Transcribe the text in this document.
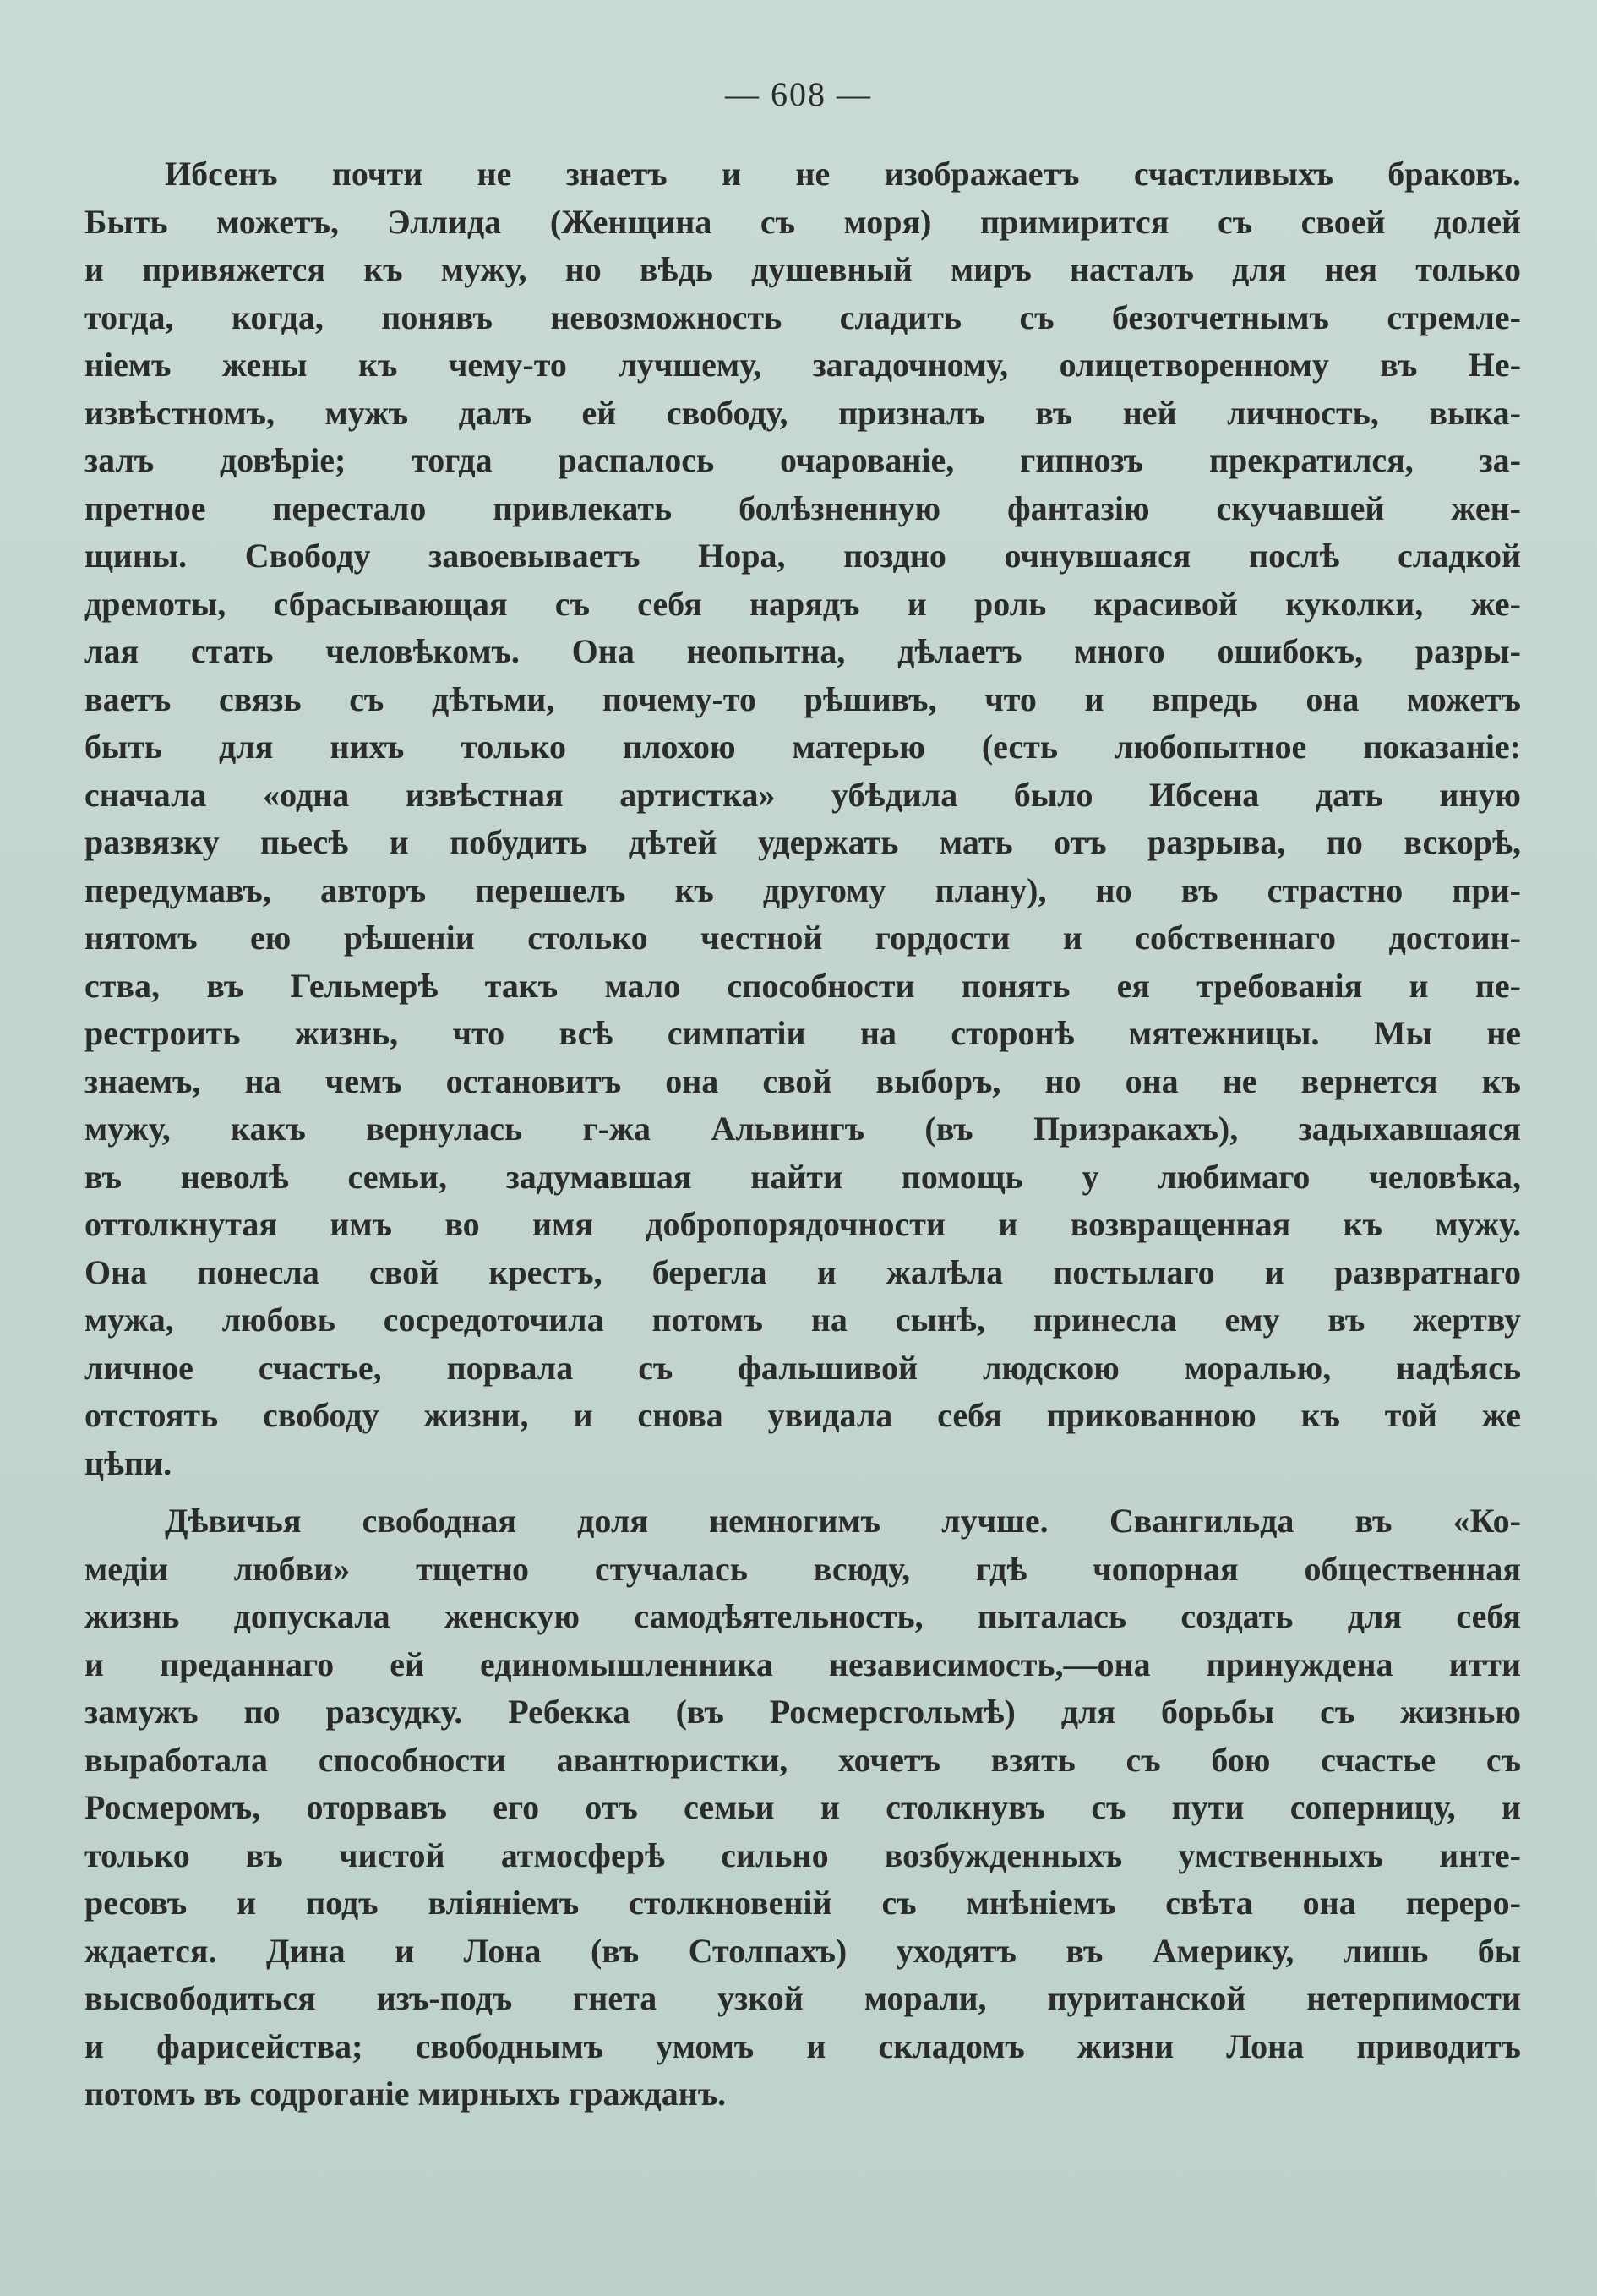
— 608 —
Ибсенъ почти не знаетъ и не изображаетъ счастливыхъ браковъ.
Быть можетъ, Эллида (Женщина съ моря) примирится съ своей долей
и привяжется къ мужу, но вѣдь душевный миръ насталъ для нея только
тогда, когда, понявъ невозможность сладить съ безотчетнымъ стремле-
ніемъ жены къ чему-то лучшему, загадочному, олицетворенному въ Не-
извѣстномъ, мужъ далъ ей свободу, призналъ въ ней личность, выка-
залъ довѣріе; тогда распалось очарованіе, гипнозъ прекратился, за-
претное перестало привлекать болѣзненную фантазію скучавшей жен-
щины. Свободу завоевываетъ Нора, поздно очнувшаяся послѣ сладкой
дремоты, сбрасывающая съ себя нарядъ и роль красивой куколки, же-
лая стать человѣкомъ. Она неопытна, дѣлаетъ много ошибокъ, разры-
ваетъ связь съ дѣтьми, почему-то рѣшивъ, что и впредь она можетъ
быть для нихъ только плохою матерью (есть любопытное показаніе:
сначала «одна извѣстная артистка» убѣдила было Ибсена дать иную
развязку пьесѣ и побудить дѣтей удержать мать отъ разрыва, по вскорѣ,
передумавъ, авторъ перешелъ къ другому плану), но въ страстно при-
нятомъ ею рѣшеніи столько честной гордости и собственнаго достоин-
ства, въ Гельмерѣ такъ мало способности понять ея требованія и пе-
рестроить жизнь, что всѣ симпатіи на сторонѣ мятежницы. Мы не
знаемъ, на чемъ остановитъ она свой выборъ, но она не вернется къ
мужу, какъ вернулась г-жа Альвингъ (въ Призракахъ), задыхавшаяся
въ неволѣ семьи, задумавшая найти помощь у любимаго человѣка,
оттолкнутая имъ во имя добропорядочности и возвращенная къ мужу.
Она понесла свой крестъ, берегла и жалѣла постылаго и развратнаго
мужа, любовь сосредоточила потомъ на сынѣ, принесла ему въ жертву
личное счастье, порвала съ фальшивой людскою моралью, надѣясь
отстоять свободу жизни, и снова увидала себя прикованною къ той же
цѣпи.
Дѣвичья свободная доля немногимъ лучше. Свангильда въ «Ко-
медіи любви» тщетно стучалась всюду, гдѣ чопорная общественная
жизнь допускала женскую самодѣятельность, пыталась создать для себя
и преданнаго ей единомышленника независимость,—она принуждена итти
замужъ по разсудку. Ребекка (въ Росмерсгольмѣ) для борьбы съ жизнью
выработала способности авантюристки, хочетъ взять съ бою счастье съ
Росмеромъ, оторвавъ его отъ семьи и столкнувъ съ пути соперницу, и
только въ чистой атмосферѣ сильно возбужденныхъ умственныхъ инте-
ресовъ и подъ вліяніемъ столкновеній съ мнѣніемъ свѣта она переро-
ждается. Дина и Лона (въ Столпахъ) уходятъ въ Америку, лишь бы
высвободиться изъ-подъ гнета узкой морали, пуританской нетерпимости
и фарисейства; свободнымъ умомъ и складомъ жизни Лона приводитъ
потомъ въ содроганіе мирныхъ гражданъ.
